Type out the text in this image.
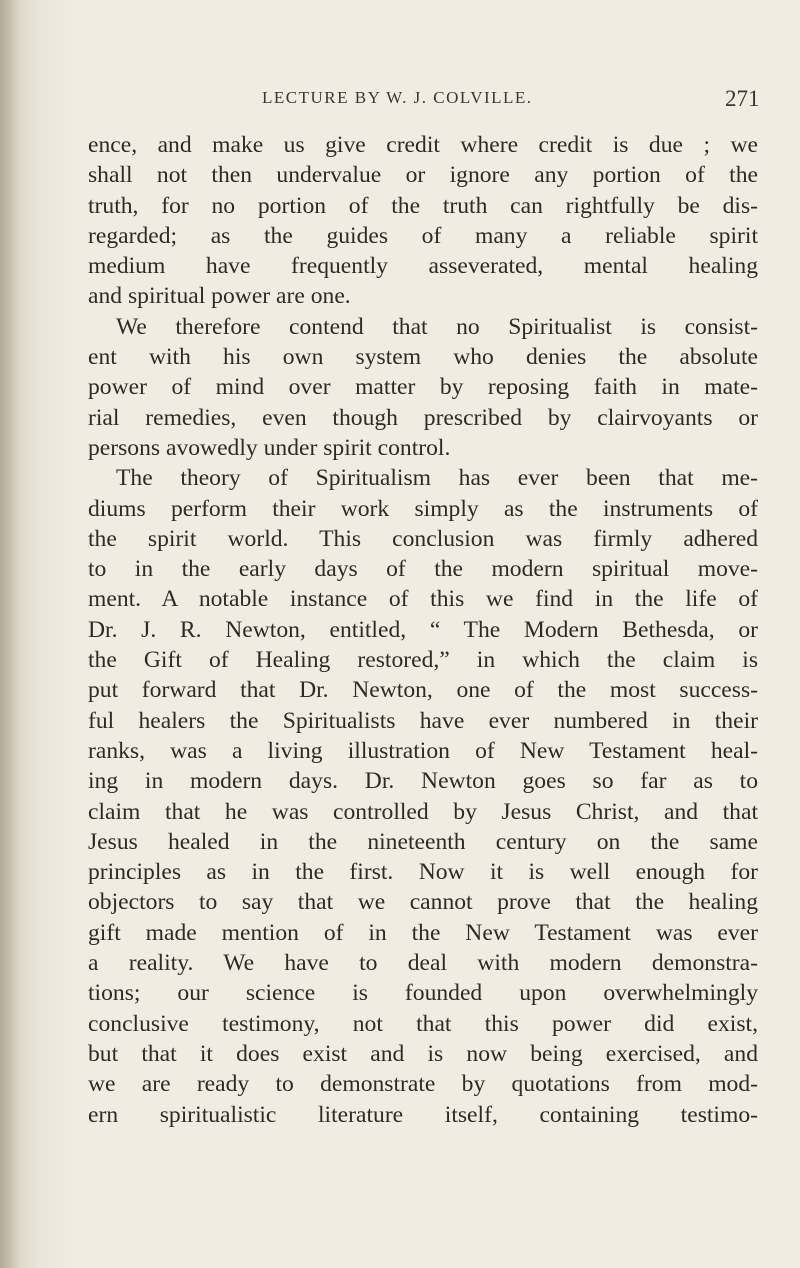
LECTURE BY W. J. COLVILLE.	271
ence, and make us give credit where credit is due ; we
shall not then undervalue or ignore any portion of the
truth, for no portion of the truth can rightfully be dis-
regarded; as the guides of many a reliable spirit
medium have frequently asseverated, mental healing
and spiritual power are one.
We therefore contend that no Spiritualist is consist-
ent with his own system who denies the absolute
power of mind over matter by reposing faith in mate-
rial remedies, even though prescribed by clairvoyants or
persons avowedly under spirit control.
The theory of Spiritualism has ever been that me-
diums perform their work simply as the instruments of
the spirit world. This conclusion was firmly adhered
to in the early days of the modern spiritual move-
ment. A notable instance of this we find in the life of
Dr. J. R. Newton, entitled, “ The Modern Bethesda, or
the Gift of Healing restored,” in which the claim is
put forward that Dr. Newton, one of the most success-
ful healers the Spiritualists have ever numbered in their
ranks, was a living illustration of New Testament heal-
ing in modern days. Dr. Newton goes so far as to
claim that he was controlled by Jesus Christ, and that
Jesus healed in the nineteenth century on the same
principles as in the first. Now it is well enough for
objectors to say that we cannot prove that the healing
gift made mention of in the New Testament was ever
a reality. We have to deal with modern demonstra-
tions; our science is founded upon overwhelmingly
conclusive testimony, not that this power did exist,
but that it does exist and is now being exercised, and
we are ready to demonstrate by quotations from mod-
ern spiritualistic literature itself, containing testimo-
